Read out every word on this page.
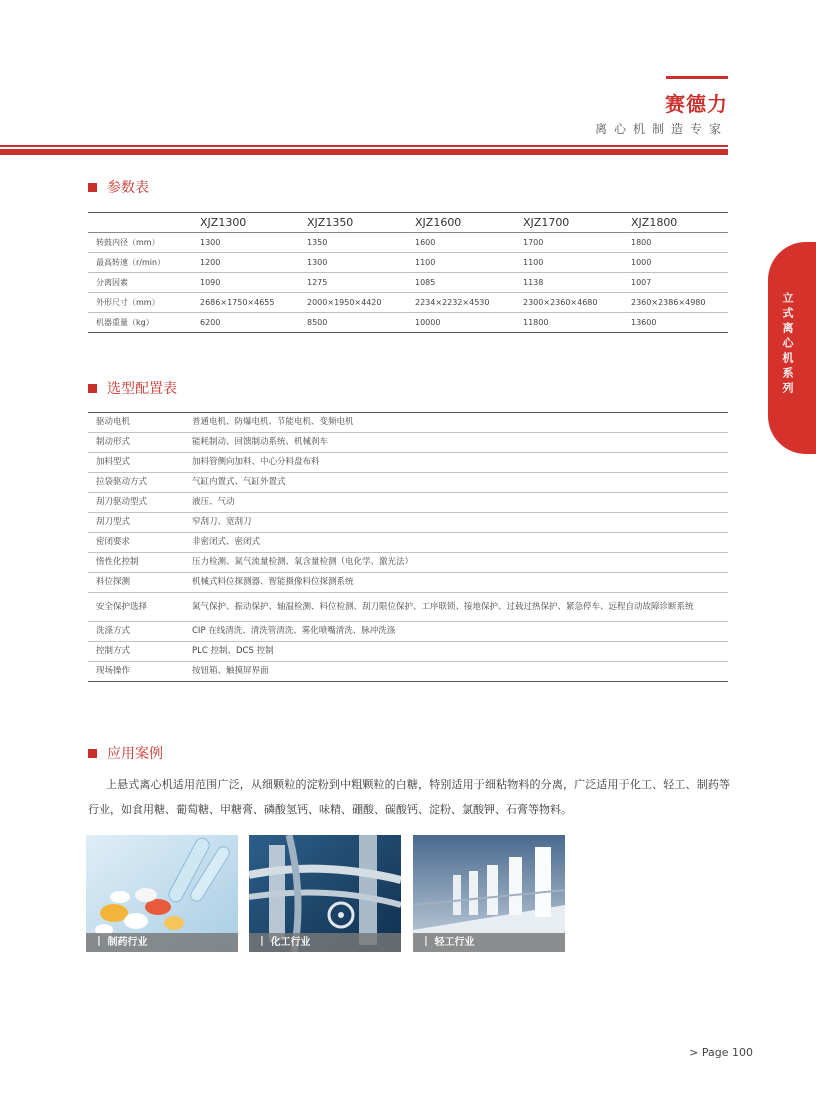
赛德力
离心机制造专家
立式离心机系列
参数表
	XJZ1300	XJZ1350	XJZ1600	XJZ1700	XJZ1800
转鼓内径（mm）	1300	1350	1600	1700	1800
最高转速（r/min）	1200	1300	1100	1100	1000
分离因素	1090	1275	1085	1138	1007
外形尺寸（mm）	2686×1750×4655	2000×1950×4420	2234×2232×4530	2300×2360×4680	2360×2386×4980
机器重量（kg）	6200	8500	10000	11800	13600
选型配置表
驱动电机	普通电机、防爆电机、节能电机、变频电机
制动形式	能耗制动、回馈制动系统、机械刹车
加料型式	加料管侧向加料、中心分料盘布料
拉袋驱动方式	气缸内置式、气缸外置式
刮刀驱动型式	液压、气动
刮刀型式	窄刮刀、宽刮刀
密闭要求	非密闭式、密闭式
惰性化控制	压力检测、氮气流量检测、氧含量检测（电化学、激光法）
料位探测	机械式料位探测器、智能摄像料位探测系统
安全保护选择	氮气保护、振动保护、轴温检测、料位检测、刮刀限位保护、工序联锁、接地保护、过载过热保护、紧急停车、远程自动故障诊断系统
洗涤方式	CIP 在线清洗、清洗管清洗、雾化喷嘴清洗、脉冲洗涤
控制方式	PLC 控制、DCS 控制
现场操作	按钮箱、触摸屏界面
应用案例

上悬式离心机适用范围广泛，从细颗粒的淀粉到中粗颗粒的白糖，特别适用于细粘物料的分离，广泛适用于化工、轻工、制药等行业，如食用糖、葡萄糖、甲糖膏、磷酸氢钙、味精、硼酸、碳酸钙、淀粉、氯酸钾、石膏等物料。

丨 制药行业	丨 化工行业	丨 轻工行业
> Page 100
